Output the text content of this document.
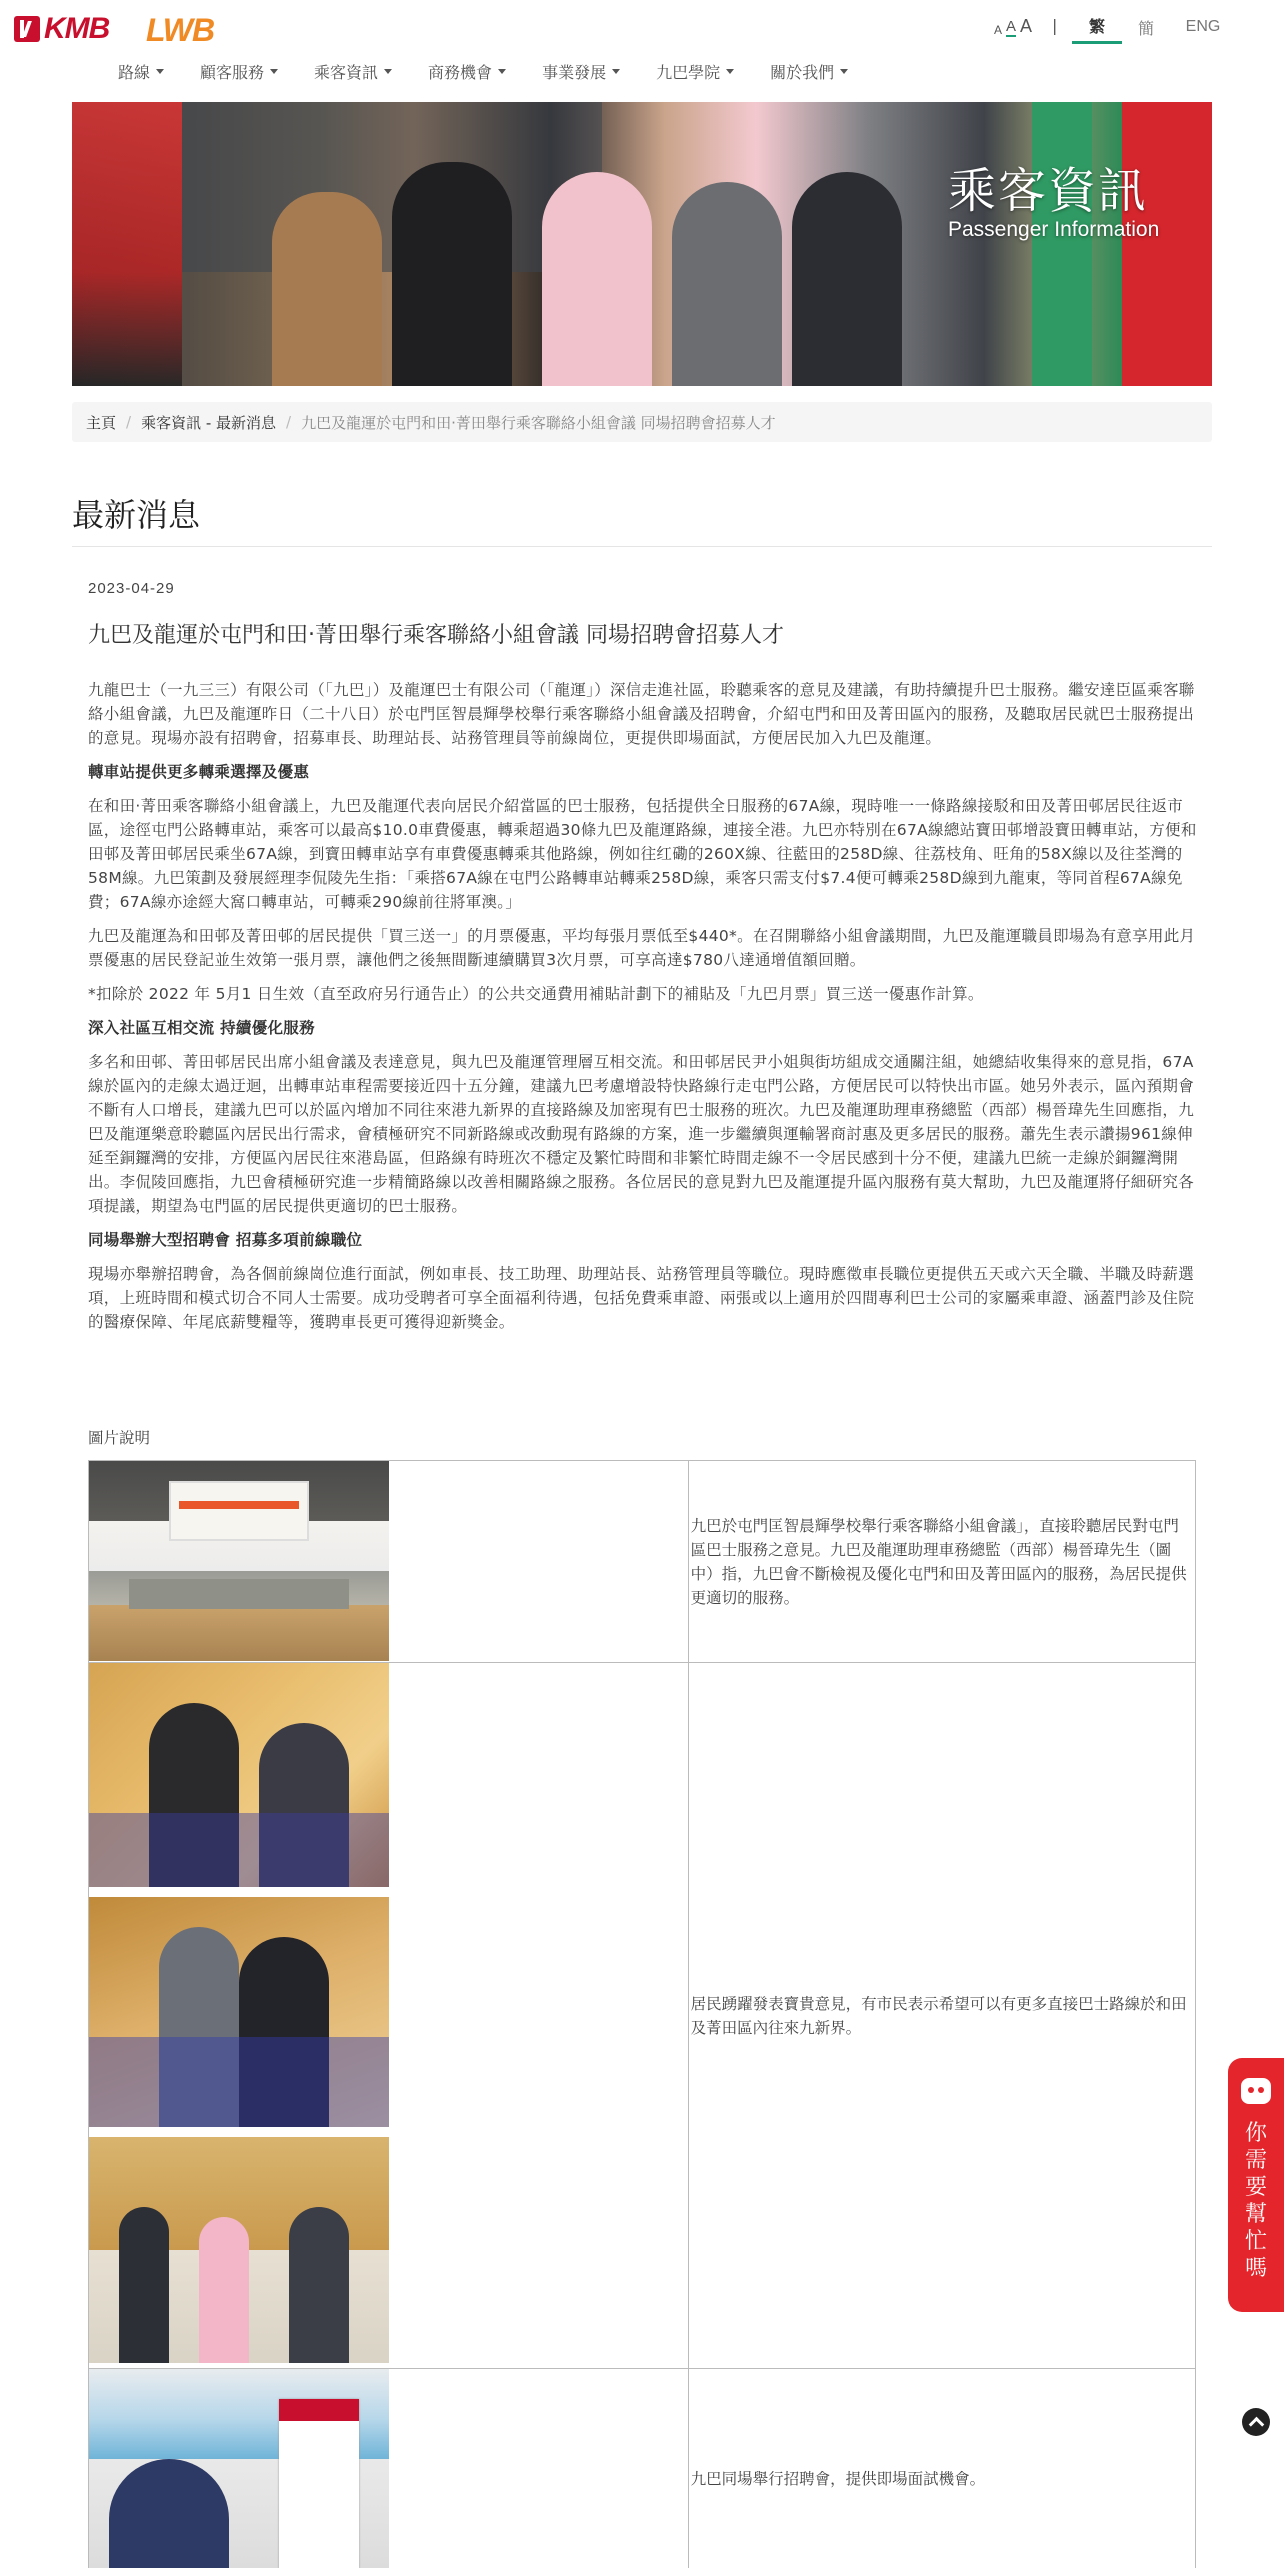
KMB LWB	A A A |	繁	簡	ENG
路線	顧客服務	乘客資訊	商務機會	事業發展	九巴學院	關於我們
乘客資訊
Passenger Information
主頁 / 乘客資訊 - 最新消息 / 九巴及龍運於屯門和田‧菁田舉行乘客聯絡小組會議 同場招聘會招募人才
最新消息
2023-04-29
九巴及龍運於屯門和田‧菁田舉行乘客聯絡小組會議 同場招聘會招募人才

九龍巴士（一九三三）有限公司（「九巴」）及龍運巴士有限公司（「龍運」）深信走進社區，聆聽乘客的意見及建議，有助持續提升巴士服務。繼安達臣區乘客聯絡小組會議，九巴及龍運昨日（二十八日）於屯門匡智晨輝學校舉行乘客聯絡小組會議及招聘會，介紹屯門和田及菁田區內的服務，及聽取居民就巴士服務提出的意見。現場亦設有招聘會，招募車長、助理站長、站務管理員等前線崗位，更提供即場面試，方便居民加入九巴及龍運。

轉車站提供更多轉乘選擇及優惠

在和田‧菁田乘客聯絡小組會議上，九巴及龍運代表向居民介紹當區的巴士服務，包括提供全日服務的67A線，現時唯一一條路線接駁和田及菁田邨居民往返市區，途徑屯門公路轉車站，乘客可以最高$10.0車費優惠，轉乘超過30條九巴及龍運路線，連接全港。九巴亦特別在67A線總站寶田邨增設寶田轉車站，方便和田邨及菁田邨居民乘坐67A線，到寶田轉車站享有車費優惠轉乘其他路線，例如往红磡的260X線、往藍田的258D線、往荔枝角、旺角的58X線以及往荃灣的58M線。九巴策劃及發展經理李侃陵先生指：「乘搭67A線在屯門公路轉車站轉乘258D線，乘客只需支付$7.4便可轉乘258D線到九龍東，等同首程67A線免費；67A線亦途經大窩口轉車站，可轉乘290線前往將軍澳。」

九巴及龍運為和田邨及菁田邨的居民提供「買三送一」的月票優惠，平均每張月票低至$440*。在召開聯絡小組會議期間，九巴及龍運職員即場為有意享用此月票優惠的居民登記並生效第一張月票，讓他們之後無間斷連續購買3次月票，可享高達$780八達通增值額回贈。

*扣除於 2022 年 5月1 日生效（直至政府另行通告止）的公共交通費用補貼計劃下的補貼及「九巴月票」買三送一優惠作計算。

深入社區互相交流 持續優化服務

多名和田邨、菁田邨居民出席小組會議及表達意見，與九巴及龍運管理層互相交流。和田邨居民尹小姐與街坊組成交通關注組，她總結收集得來的意見指，67A線於區內的走線太過迂迴，出轉車站車程需要接近四十五分鐘，建議九巴考慮增設特快路線行走屯門公路，方便居民可以特快出市區。她另外表示，區內預期會不斷有人口增長，建議九巴可以於區內增加不同往來港九新界的直接路線及加密現有巴士服務的班次。九巴及龍運助理車務總監（西部）楊晉瑋先生回應指，九巴及龍運樂意聆聽區內居民出行需求，會積極研究不同新路線或改動現有路線的方案，進一步繼續與運輸署商討惠及更多居民的服務。蕭先生表示讚揚961線伸延至銅鑼灣的安排，方便區內居民往來港島區，但路線有時班次不穩定及繁忙時間和非繁忙時間走線不一令居民感到十分不便，建議九巴統一走線於銅鑼灣開出。李侃陵回應指，九巴會積極研究進一步精簡路線以改善相關路線之服務。各位居民的意見對九巴及龍運提升區內服務有莫大幫助，九巴及龍運將仔細研究各項提議，期望為屯門區的居民提供更適切的巴士服務。

同場舉辦大型招聘會 招募多項前線職位

現場亦舉辦招聘會，為各個前線崗位進行面試，例如車長、技工助理、助理站長、站務管理員等職位。現時應徵車長職位更提供五天或六天全職、半職及時薪選項，上班時間和模式切合不同人士需要。成功受聘者可享全面福利待遇，包括免費乘車證、兩張或以上適用於四間專利巴士公司的家屬乘車證、涵蓋門診及住院的醫療保障、年尾底薪雙糧等，獲聘車長更可獲得迎新獎金。

圖片說明
	九巴於屯門匡智晨輝學校舉行乘客聯絡小組會議」，直接聆聽居民對屯門區巴士服務之意見。九巴及龍運助理車務總監（西部）楊晉瑋先生（圖中）指，九巴會不斷檢視及優化屯門和田及菁田區內的服務，為居民提供更適切的服務。

	居民踴躍發表寶貴意見，有市民表示希望可以有更多直接巴士路線於和田及菁田區內往來九新界。

	九巴同場舉行招聘會，提供即場面試機會。
你需要幫忙嗎
